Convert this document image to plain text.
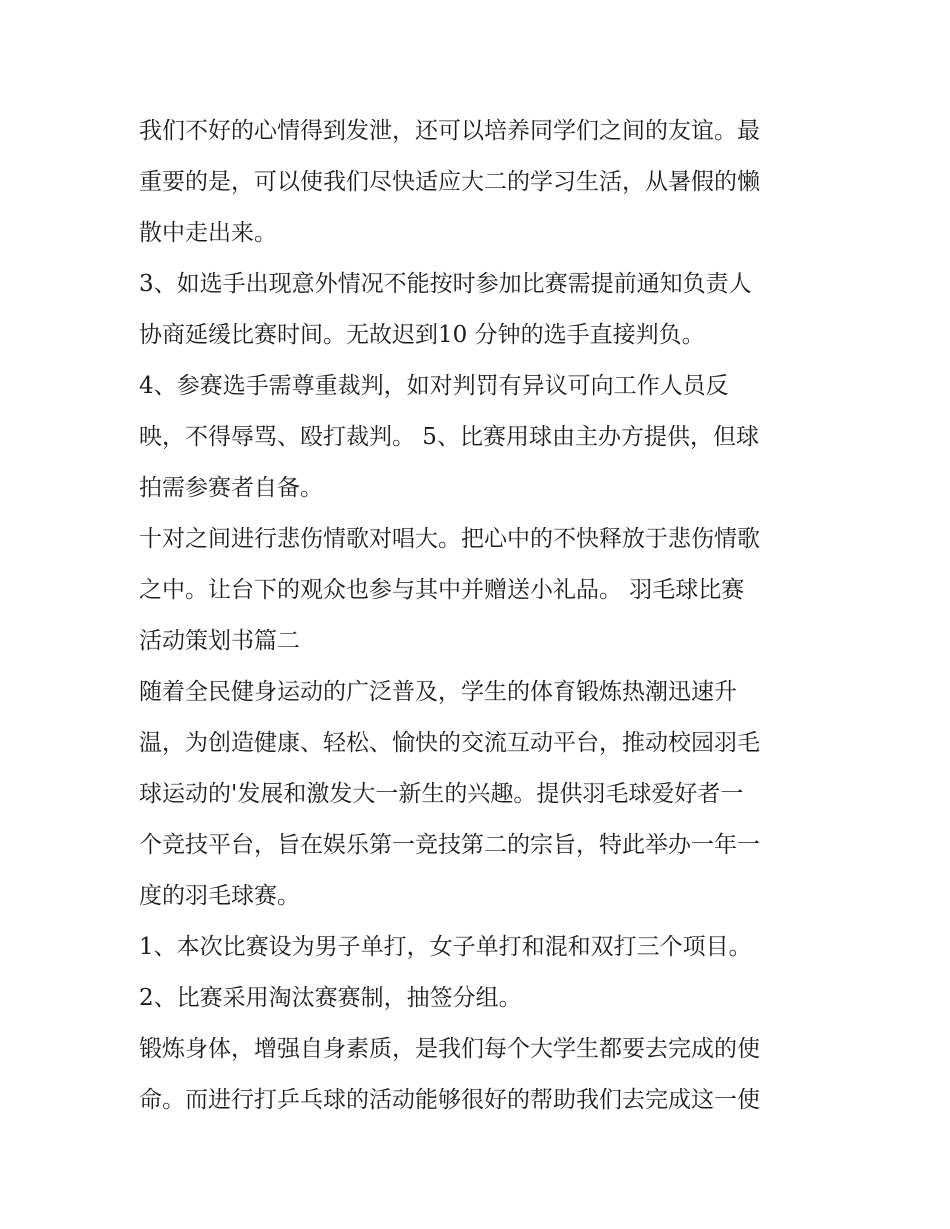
我们不好的心情得到发泄，还可以培养同学们之间的友谊。最
重要的是，可以使我们尽快适应大二的学习生活，从暑假的懒
散中走出来。
3、如选手出现意外情况不能按时参加比赛需提前通知负责人
协商延缓比赛时间。无故迟到10 分钟的选手直接判负。
4、参赛选手需尊重裁判，如对判罚有异议可向工作人员反
映，不得辱骂、殴打裁判。 5、比赛用球由主办方提供，但球
拍需参赛者自备。
十对之间进行悲伤情歌对唱大。把心中的不快释放于悲伤情歌
之中。让台下的观众也参与其中并赠送小礼品。 羽毛球比赛
活动策划书篇二
随着全民健身运动的广泛普及，学生的体育锻炼热潮迅速升
温，为创造健康、轻松、愉快的交流互动平台，推动校园羽毛
球运动的'发展和激发大一新生的兴趣。提供羽毛球爱好者一
个竞技平台，旨在娱乐第一竞技第二的宗旨，特此举办一年一
度的羽毛球赛。
1、本次比赛设为男子单打，女子单打和混和双打三个项目。
2、比赛采用淘汰赛赛制，抽签分组。
锻炼身体，增强自身素质，是我们每个大学生都要去完成的使
命。而进行打乒乓球的活动能够很好的帮助我们去完成这一使
